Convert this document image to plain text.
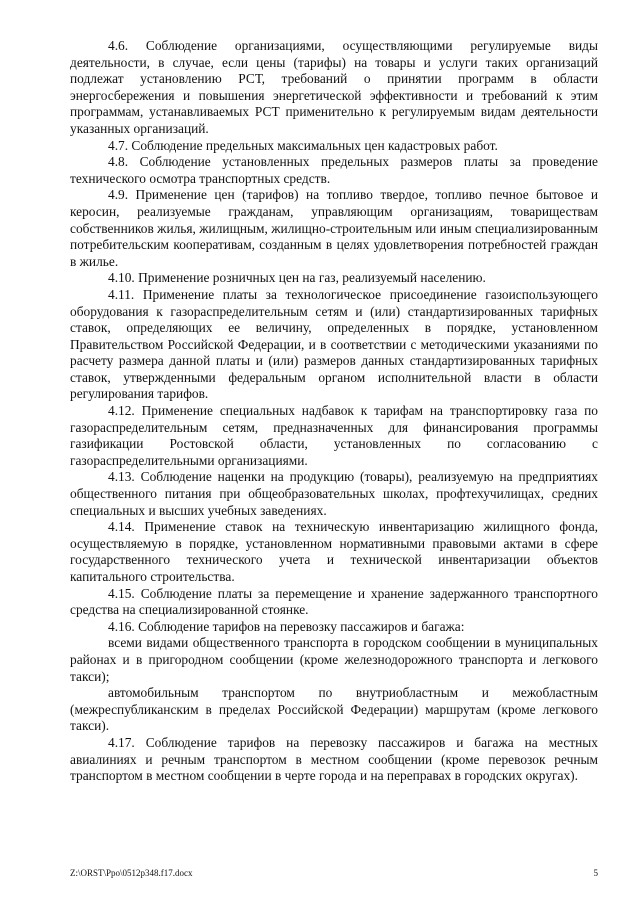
4.6. Соблюдение организациями, осуществляющими регулируемые виды деятельности, в случае, если цены (тарифы) на товары и услуги таких организаций подлежат установлению РСТ, требований о принятии программ в области энергосбережения и повышения энергетической эффективности и требований к этим программам, устанавливаемых РСТ применительно к регулируемым видам деятельности указанных организаций.

4.7. Соблюдение предельных максимальных цен кадастровых работ.

4.8. Соблюдение установленных предельных размеров платы за проведение технического осмотра транспортных средств.

4.9. Применение цен (тарифов) на топливо твердое, топливо печное бытовое и керосин, реализуемые гражданам, управляющим организациям, товариществам собственников жилья, жилищным, жилищно-строительным или иным специализированным потребительским кооперативам, созданным в целях удовлетворения потребностей граждан в жилье.

4.10. Применение розничных цен на газ, реализуемый населению.

4.11. Применение платы за технологическое присоединение газоиспользующего оборудования к газораспределительным сетям и (или) стандартизированных тарифных ставок, определяющих ее величину, определенных в порядке, установленном Правительством Российской Федерации, и в соответствии с методическими указаниями по расчету размера данной платы и (или) размеров данных стандартизированных тарифных ставок, утвержденными федеральным органом исполнительной власти в области регулирования тарифов.

4.12. Применение специальных надбавок к тарифам на транспортировку газа по газораспределительным сетям, предназначенных для финансирования программы газификации Ростовской области, установленных по согласованию с газораспределительными организациями.

4.13. Соблюдение наценки на продукцию (товары), реализуемую на предприятиях общественного питания при общеобразовательных школах, профтехучилищах, средних специальных и высших учебных заведениях.

4.14. Применение ставок на техническую инвентаризацию жилищного фонда, осуществляемую в порядке, установленном нормативными правовыми актами в сфере государственного технического учета и технической инвентаризации объектов капитального строительства.

4.15. Соблюдение платы за перемещение и хранение задержанного транспортного средства на специализированной стоянке.

4.16. Соблюдение тарифов на перевозку пассажиров и багажа:

всеми видами общественного транспорта в городском сообщении в муниципальных районах и в пригородном сообщении (кроме железнодорожного транспорта и легкового такси);

автомобильным транспортом по внутриобластным и межобластным (межреспубликанским в пределах Российской Федерации) маршрутам (кроме легкового такси).

4.17. Соблюдение тарифов на перевозку пассажиров и багажа на местных авиалиниях и речным транспортом в местном сообщении (кроме перевозок речным транспортом в местном сообщении в черте города и на переправах в городских округах).

Z:\ORST\Ppo\0512p348.f17.docx	5
